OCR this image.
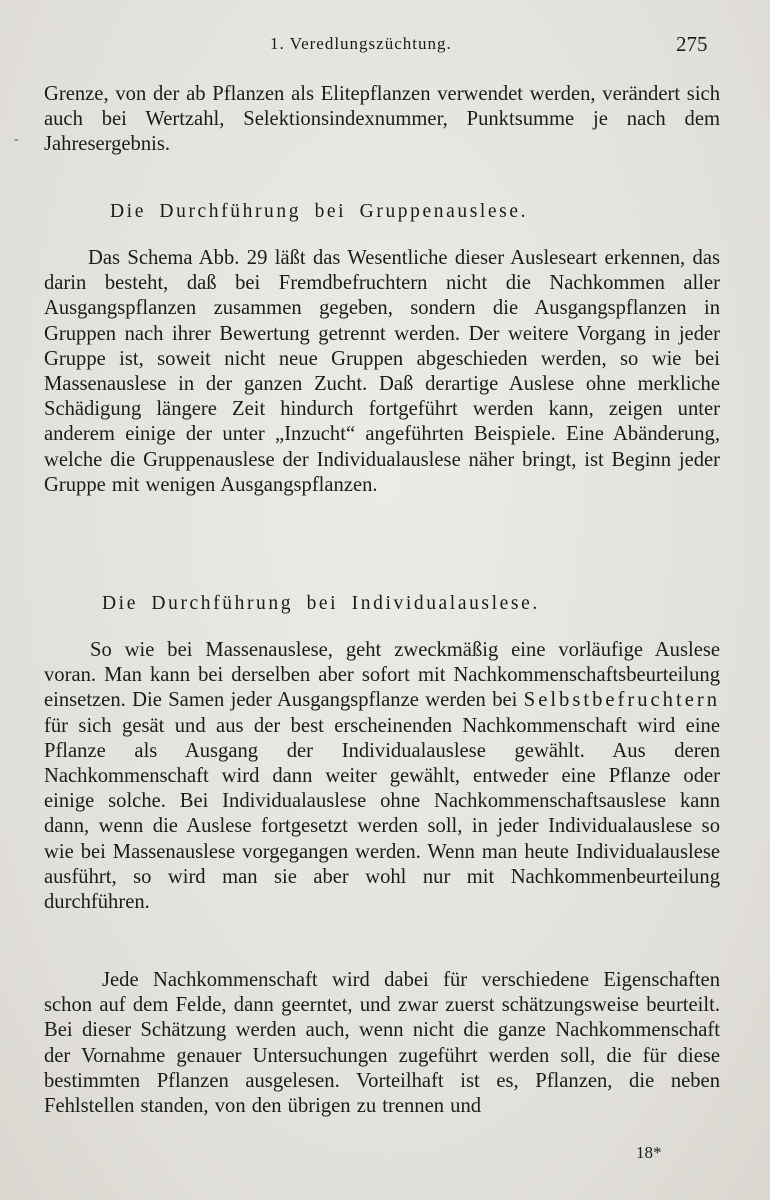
1. Veredlungszüchtung.	275
‐

Grenze, von der ab Pflanzen als Elitepflanzen verwendet werden, verändert sich auch bei Wertzahl, Selektionsindexnummer, Punktsumme je nach dem Jahresergebnis.

Die Durchführung bei Gruppenauslese.

Das Schema Abb. 29 läßt das Wesentliche dieser Ausleseart erkennen, das darin besteht, daß bei Fremdbefruchtern nicht die Nachkommen aller Ausgangspflanzen zusammen gegeben, sondern die Ausgangspflanzen in Gruppen nach ihrer Bewertung getrennt werden. Der weitere Vorgang in jeder Gruppe ist, soweit nicht neue Gruppen abgeschieden werden, so wie bei Massenauslese in der ganzen Zucht. Daß derartige Auslese ohne merkliche Schädigung längere Zeit hindurch fortgeführt werden kann, zeigen unter anderem einige der unter „Inzucht“ angeführten Beispiele. Eine Abänderung, welche die Gruppenauslese der Individualauslese näher bringt, ist Beginn jeder Gruppe mit wenigen Ausgangspflanzen.

Die Durchführung bei Individualauslese.

So wie bei Massenauslese, geht zweckmäßig eine vorläufige Auslese voran. Man kann bei derselben aber sofort mit Nachkommenschaftsbeurteilung einsetzen. Die Samen jeder Ausgangspflanze werden bei Selbstbefruchtern für sich gesät und aus der best erscheinenden Nachkommenschaft wird eine Pflanze als Ausgang der Individualauslese gewählt. Aus deren Nachkommenschaft wird dann weiter gewählt, entweder eine Pflanze oder einige solche. Bei Individualauslese ohne Nachkommenschaftsauslese kann dann, wenn die Auslese fortgesetzt werden soll, in jeder Individualauslese so wie bei Massenauslese vorgegangen werden. Wenn man heute Individualauslese ausführt, so wird man sie aber wohl nur mit Nachkommenbeurteilung durchführen.

Jede Nachkommenschaft wird dabei für verschiedene Eigenschaften schon auf dem Felde, dann geerntet, und zwar zuerst schätzungsweise beurteilt. Bei dieser Schätzung werden auch, wenn nicht die ganze Nachkommenschaft der Vornahme genauer Untersuchungen zugeführt werden soll, die für diese bestimmten Pflanzen ausgelesen. Vorteilhaft ist es, Pflanzen, die neben Fehlstellen standen, von den übrigen zu trennen und

18*
